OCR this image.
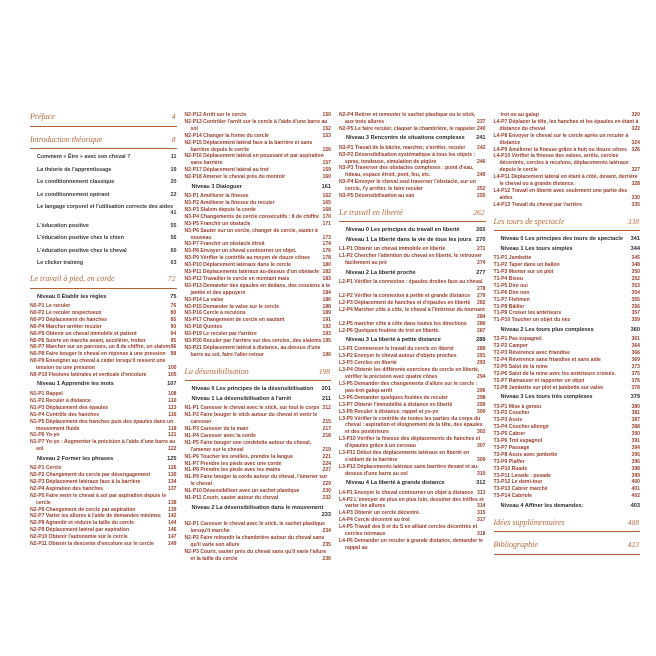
Préface	4
Introduction théorique	8
Comment « Être » avec son cheval ?	11
La théorie de l'apprentissage	19
Le conditionnement classique	20
Le conditionnement opérant	22
Le langage corporel et l'utilisation correcte des aides
41
L'éducation positive	55
L'éducation positive chez le chien	56
L'éducation positive chez le cheval	60
Le clicker training	63
Le travail à pied, en corde	72
Niveau 0 Établir les règles	75
N0-P1 Le reculer	76
N0-P2 Le reculer respectueux	80
N0-P3 Déplacement de hanches	85
N0-P4 Marcher arrêter reculer	90
N0-P5 Obtenir un cheval immobile et patient	94
N0-P6 Suivre en marche avant, accélérer, trotter	95
N0-P7 Marcher sur un parcours, un 8 de chiffre, un slalom 96
N0-P8 Faire bouger le cheval en réponse à une pression 98
N0-P9 Enseigner au cheval à céder lorsqu'il ressent une tension ou une pression	100
N0-P10 Flexions latérales et verticale d'encolure	105
Niveau 1 Apprendre les mots	107
N1-P1 Rappel	108
N1-P2 Reculer à distance	110
N1-P3 Déplacement des épaules	113
N1-P4 Contrôle des hanches	116
N1-P5 Déplacement des hanches puis des épaules dans un mouvement fluide	118
N1-P6 Yo-yo	121
N1-P7 Yo-yo : Augmenter la précision à l'aide d'une barre au sol	122
Niveau 2 Former les phrases	125
N2-P1 Cercle	126
N2-P2 Changement du cercle par désengagement	130
N2-P3 Déplacement latéraux face à la barrière	134
N2-P4 Aspiration des hanches	137
N2-P5 Faire venir le cheval à soi par aspiration depuis le cercle	138
N2-P6 Changement de cercle par aspiration	139
N2-P7 Varier les allures à l'aide de demandes minimes 142
N2-P8 Agrandir et réduire la taille du cercle	144
N2-P9 Déplacement latéral par aspiration	146
N2-P10 Obtenir l'autonomie sur le cercle	147
N2-P11 Obtenir la descente d'encolure sur le cercle	149
N2-P12 Arrêt sur le cercle	150
N2-P13 Contrôler l'arrêt sur le cercle à l'aide d'une barre au sol	152
N2-P14 Changer la forme du cercle	153
N2-P15 Déplacement latéral face à la barrière et sans barrière depuis le cercle	156
N2-P16 Déplacement latéral en poussant et par aspiration sans barrière	157
N2-P17 Déplacement latéral au trot	159
N2-P18 Amener le cheval près du montoir	160
Niveau 3 Dialoguer	161
N3-P1 Améliorer la finesse	162
N3-P2 Améliorer la finesse du reculer	165
N3-P3 Slalom depuis la corde	168
N3-P4 Changements de cercle consécutifs : 8 de chiffre 170
N3-P5 Franchir un obstacle	171
N3-P6 Sauter sur un cercle, changer de cercle, sauter à nouveau	173
N3-P7 Franchir un obstacle étroit	174
N3-P8 Envoyer un cheval contourner un objet.	176
N3-P9 Vérifier le contrôle au moyen de douze cônes 178
N3-P10 Déplacement latéraux dans le cercle	180
N3-P11 Déplacements latéraux au-dessus d'un obstacle 182
N3-P12 Travailler le cercle en montant mais	183
N3-P13 Demander des épaules en dedans, des cessions à la jambe et des appuyers	184
N3-P14 La valse	186
N3-P15 Demander la valse sur le cercle	188
N3-P16 Cercle à reculons	189
N3-P17 Changement de cercle en sautant	191
N3-P18 Quintes	192
N3-P19 Le reculer par l'arrière	193
N3-P20 Reculer par l'arrière sur des cercles, des slaloms 195
N3-P21 Déplacement latéral à distance, au-dessus d'une barre au sol, faire l'aller-retour	196
La désensibilisation	198
Niveau 0 Les principes de la désensibilisation 201
Niveau 1 La désensibilisation à l'arrêt	211
N1-P1 Caresser le cheval avec le stick, sur tout le corps 212
N1-P2 Faire bouger le stick autour du cheval et venir le caresser	215
N1-P3 Caresser de la main	217
N1-P4 Caresser avec la corde	218
N1-P5 Faire bouger une cordelette autour du cheval, l'amener sur le cheval	219
N1-P6 Toucher les oreilles, prendre la langue	221
N1-P7 Prendre les pieds avec une corde	224
N1-P8 Prendre les pieds avec les mains	227
N1-P9 Faire bouger la corde autour du cheval, l'amener sur le cheval	229
N1-P10 Désensibiliser avec un sachet plastique	230
N1-P11 Courir, sauter autour du cheval	232
Niveau 2 La désensibilisation dans le mouvement
233
N2-P1 Caresser le cheval avec le stick, le sachet plastique lorsqu'il marche	234
N2-P2 Faire rebondir la chambrière autour du cheval sans qu'il varie son allure	235
N2-P3 Courir, sauter près du cheval sans qu'il varie l'allure et la taille du cercle	236
N2-P4 Retirer et remonter le sachet plastique ou le stick, aux trois allures	237
N2-P5 Le faire reculer, claquer la chambrière, le rappeler 240
Niveau 3 Rencontre de situations complexes 241
N3-P1 Travail de la bâche, marcher, s'arrêter, reculer 242
N3-P2 Désensibilisation systématique à tous les objets : spray, tondeuse, simulation de piqûre	246
N3-P3 Traverser des obstacles complexes : point d'eau, rideau, espace étroit, pont, feu, etc.	249
N3-P4 Envoyer le cheval seul traverser l'obstacle, sur un cercle, l'y arrêter, le faire reculer	252
N3-P5 Désensibilisation au van	255
Le travail en liberté	262
Niveau 0 Les principes du travail en liberté	265
Niveau 1 La liberté dans la vie de tous les jours 270
L1-P1 Obtenir un cheval immobile en liberté	271
L1-P2 Chercher l'attention du cheval en liberté, le retrouver facilement au pré	274
Niveau 2 La liberté proche	277
L2-P1 Vérifier la connexion : épaules droites face au cheval
278
L2-P2 Vérifier la connexion à petite et grande distance 279
L2-P3 Déplacement de hanches et d'épaules en liberté 282
L2-P4 Marcher côte à côte, le cheval à l'intérieur du tournant
284
L2-P5 marcher côte à côte dans toutes les directions 286
L2-P6 Quelques foulées de trot en liberté.	287
Niveau 3 La liberté à petite distance	288
L3-P1 Commencer le travail du cercle en liberté	289
L3-P2 Envoyer le cheval autour d'objets proches	291
L3-P3 Cercles en liberté	293
L3-P4 Obtenir les différents exercices du cercle en liberté, vérifier la précision avec quatre cônes	294
L3-P5 Demander des changements d'allure sur le cercle : pas-trot-galop-arrêt	296
L3-P6 Demander quelques foulées de reculer	298
L3-P7 Obtenir l'immobilité à distance en liberté	299
L3-P8 Reculer à distance, rappel et yo-yo	300
L3-P9 Vérifier le contrôle de toutes les parties du corps du cheval : aspiration et éloignement de la tête, des épaules et des postérieurs	302
L3-P10 Vérifier la finesse des déplacements de hanches et d'épaules grâce à un cerceau	307
L3-P11 Début des déplacements latéraux en liberté en s'aidant de la barrière	309
L3-P12 Déplacements latéraux sans barrière devant et au-dessus d'une barre au sol	310
Niveau 4 La liberté à grande distance	312
L4-P1 Envoyer le cheval contourner un objet à distance 313
L4-P2 L'envoyer de plus en plus loin, dessiner des trèfles et varier les allures	314
L4-P3 Obtenir un cercle décentré.	315
L4-P4 Cercle décentré au trot	317
L4-P5 Travail des 8 et du S en alliant cercles décentrés et cercles normaux	318
L4-P6 Demander un reculer à grande distance, demander le rappel au
trot ou au galop	320
L4-P7 Déplacer la tête, les hanches et les épaules en étant à distance du cheval	322
L4-P8 Envoyer le cheval sur le cercle après un reculer à distance	324
L4-P9 Améliorer la finesse grâce à huit ou douze cônes 326
L4-P10 Vérifier la finesse des valses, arrêts, cercles décentrés, cercles à reculons, déplacements latéraux depuis le cercle	327
L4-P11 Déplacement latéral en étant à côté, devant, derrière le cheval ou à grande distance.	328
L4-P12 Travail en liberté avec seulement une partie des aides	330
L4-P13 Travail du cheval par l'arrière	335
Les tours de spectacle	338
Niveau 0 Les principes des tours de spectacle 341
Niveau 1 Les tours simples	344
T1-P1 Jambette	345
T1-P2 Taper dans un ballon	348
T1-P3 Monter sur un plot	350
T1-P4 Bisou	352
T1-P5 Dire oui	353
T1-P6 Dire non	354
T1-P7 Flehmen	355
T1-P8 Bâiller	356
T1-P9 Croiser les antérieurs	357
T1-P10 Toucher un objet du nez	359
Niveau 2 Les tours plus complexes	360
T2-P1 Pas espagnol	361
T2-P2 Camper	364
T2-P3 Révérence avec friandise	366
T2-P4 Révérence sans friandise et sans aide	369
T2-P5 Salut de la reine	373
T2-P6 Salut de la reine avec les antérieurs croisés.	375
T2-P7 Ramasser et rapporter un objet	376
T2-P8 Jambette sur plot et jambette sur valse	378
Niveau 3 Les tours très complexes	379
T3-P1 Mise à genou	380
T3-P2 Coucher	381
T3-P3 Assis	387
T3-P4 Coucher allongé	388
T3-P5 Cabrer	390
T3-P6 Trot espagnol	391
T3-P7 Passage	394
T3-P8 Assis avec jambette	395
T3-P9 Piaffer	396
T3-P10 Ruade	398
T3-P11 Levade : pesade	399
T3-P12 Le demi-tour	400
T3-P13 Cabrer marché	401
T3-P14 Cabriole	402
Niveau 4 Affiner les demandes:	403
Idées supplémentaires	408
Bibliographie	423
